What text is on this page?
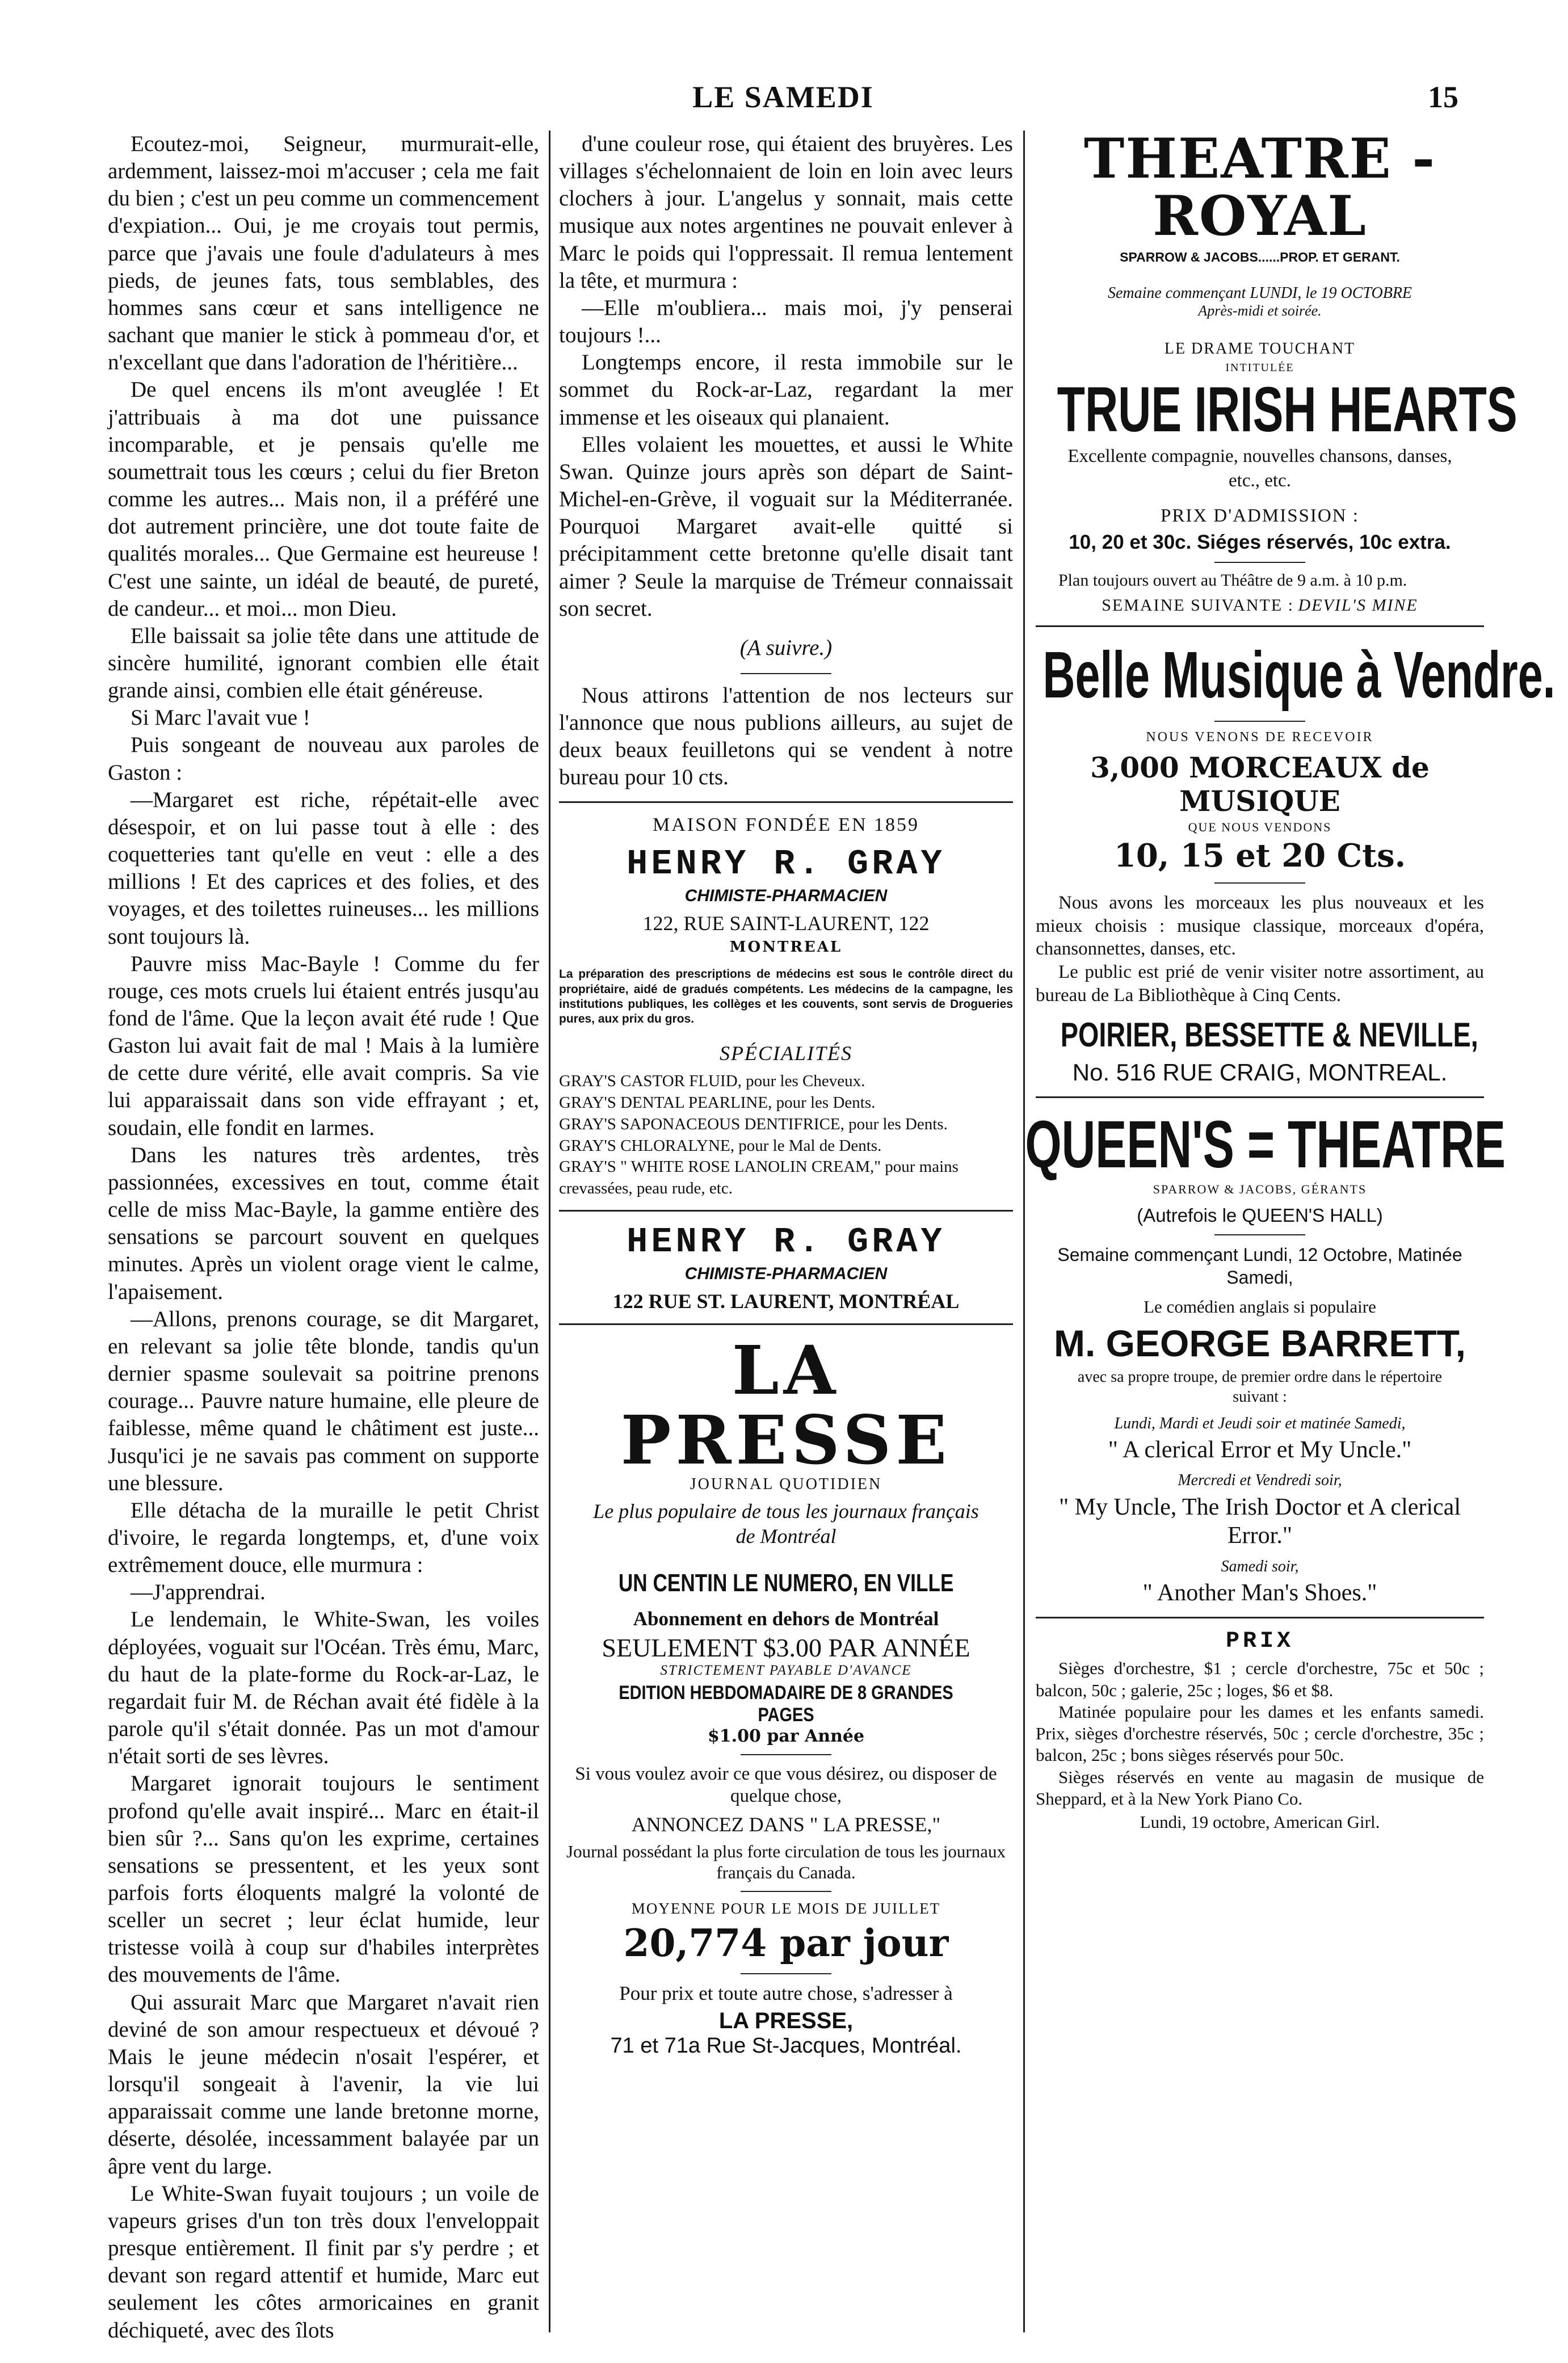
LE SAMEDI	15

Ecoutez-moi, Seigneur, murmurait-elle, ardemment, laissez-moi m'accuser ; cela me fait du bien ; c'est un peu comme un commencement d'expiation... Oui, je me croyais tout permis, parce que j'avais une foule d'adulateurs à mes pieds, de jeunes fats, tous semblables, des hommes sans cœur et sans intelligence ne sachant que manier le stick à pommeau d'or, et n'excellant que dans l'adoration de l'héritière...

De quel encens ils m'ont aveuglée ! Et j'attribuais à ma dot une puissance incomparable, et je pensais qu'elle me soumettrait tous les cœurs ; celui du fier Breton comme les autres... Mais non, il a préféré une dot autrement princière, une dot toute faite de qualités morales... Que Germaine est heureuse ! C'est une sainte, un idéal de beauté, de pureté, de candeur... et moi... mon Dieu.

Elle baissait sa jolie tête dans une attitude de sincère humilité, ignorant combien elle était grande ainsi, combien elle était généreuse.

Si Marc l'avait vue !

Puis songeant de nouveau aux paroles de Gaston :

—Margaret est riche, répétait-elle avec désespoir, et on lui passe tout à elle : des coquetteries tant qu'elle en veut : elle a des millions ! Et des caprices et des folies, et des voyages, et des toilettes ruineuses... les millions sont toujours là.

Pauvre miss Mac-Bayle ! Comme du fer rouge, ces mots cruels lui étaient entrés jusqu'au fond de l'âme. Que la leçon avait été rude ! Que Gaston lui avait fait de mal ! Mais à la lumière de cette dure vérité, elle avait compris. Sa vie lui apparaissait dans son vide effrayant ; et, soudain, elle fondit en larmes.

Dans les natures très ardentes, très passionnées, excessives en tout, comme était celle de miss Mac-Bayle, la gamme entière des sensations se parcourt souvent en quelques minutes. Après un violent orage vient le calme, l'apaisement.

—Allons, prenons courage, se dit Margaret, en relevant sa jolie tête blonde, tandis qu'un dernier spasme soulevait sa poitrine prenons courage... Pauvre nature humaine, elle pleure de faiblesse, même quand le châtiment est juste... Jusqu'ici je ne savais pas comment on supporte une blessure.

Elle détacha de la muraille le petit Christ d'ivoire, le regarda longtemps, et, d'une voix extrêmement douce, elle murmura :

—J'apprendrai.

Le lendemain, le White-Swan, les voiles déployées, voguait sur l'Océan. Très ému, Marc, du haut de la plate-forme du Rock-ar-Laz, le regardait fuir M. de Réchan avait été fidèle à la parole qu'il s'était donnée. Pas un mot d'amour n'était sorti de ses lèvres.

Margaret ignorait toujours le sentiment profond qu'elle avait inspiré... Marc en était-il bien sûr ?... Sans qu'on les exprime, certaines sensations se pressentent, et les yeux sont parfois forts éloquents malgré la volonté de sceller un secret ; leur éclat humide, leur tristesse voilà à coup sur d'habiles interprètes des mouvements de l'âme.

Qui assurait Marc que Margaret n'avait rien deviné de son amour respectueux et dévoué ? Mais le jeune médecin n'osait l'espérer, et lorsqu'il songeait à l'avenir, la vie lui apparaissait comme une lande bretonne morne, déserte, désolée, incessamment balayée par un âpre vent du large.

Le White-Swan fuyait toujours ; un voile de vapeurs grises d'un ton très doux l'enveloppait presque entièrement. Il finit par s'y perdre ; et devant son regard attentif et humide, Marc eut seulement les côtes armoricaines en granit déchiqueté, avec des îlots

d'une couleur rose, qui étaient des bruyères. Les villages s'échelonnaient de loin en loin avec leurs clochers à jour. L'angelus y sonnait, mais cette musique aux notes argentines ne pouvait enlever à Marc le poids qui l'oppressait. Il remua lentement la tête, et murmura :

—Elle m'oubliera... mais moi, j'y penserai toujours !...

Longtemps encore, il resta immobile sur le sommet du Rock-ar-Laz, regardant la mer immense et les oiseaux qui planaient.

Elles volaient les mouettes, et aussi le White Swan. Quinze jours après son départ de Saint-Michel-en-Grève, il voguait sur la Méditerranée. Pourquoi Margaret avait-elle quitté si précipitamment cette bretonne qu'elle disait tant aimer ? Seule la marquise de Trémeur connaissait son secret.

(A suivre.)

Nous attirons l'attention de nos lecteurs sur l'annonce que nous publions ailleurs, au sujet de deux beaux feuilletons qui se vendent à notre bureau pour 10 cts.

MAISON FONDÉE EN 1859
HENRY R. GRAY
CHIMISTE-PHARMACIEN
122, RUE SAINT-LAURENT, 122
MONTREAL
La préparation des prescriptions de médecins est sous le contrôle direct du propriétaire, aidé de gradués compétents. Les médecins de la campagne, les institutions publiques, les collèges et les couvents, sont servis de Drogueries pures, aux prix du gros.
SPÉCIALITÉS
GRAY'S CASTOR FLUID, pour les Cheveux.
GRAY'S DENTAL PEARLINE, pour les Dents.
GRAY'S SAPONACEOUS DENTIFRICE, pour les Dents.
GRAY'S CHLORALYNE, pour le Mal de Dents.
GRAY'S " WHITE ROSE LANOLIN CREAM," pour mains crevassées, peau rude, etc.
HENRY R. GRAY
CHIMISTE-PHARMACIEN
122 RUE ST. LAURENT, MONTRÉAL
LA PRESSE
JOURNAL QUOTIDIEN
Le plus populaire de tous les journaux français de Montréal
UN CENTIN LE NUMERO, EN VILLE
Abonnement en dehors de Montréal
SEULEMENT $3.00 PAR ANNÉE
STRICTEMENT PAYABLE D'AVANCE
EDITION HEBDOMADAIRE DE 8 GRANDES PAGES
$1.00 par Année
Si vous voulez avoir ce que vous désirez, ou disposer de quelque chose,
ANNONCEZ DANS " LA PRESSE,"
Journal possédant la plus forte circulation de tous les journaux français du Canada.
MOYENNE POUR LE MOIS DE JUILLET
20,774 par jour
Pour prix et toute autre chose, s'adresser à
LA PRESSE,
71 et 71a Rue St-Jacques, Montréal.
THEATRE - ROYAL
SPARROW & JACOBS......PROP. ET GERANT.
Semaine commençant LUNDI, le 19 OCTOBRE
Après-midi et soirée.
LE DRAME TOUCHANT
INTITULÉE
TRUE IRISH HEARTS
Excellente compagnie, nouvelles chansons, danses, etc., etc.
PRIX D'ADMISSION :
10, 20 et 30c. Siéges réservés, 10c extra.
Plan toujours ouvert au Théâtre de 9 a.m. à 10 p.m.
SEMAINE SUIVANTE : DEVIL'S MINE
Belle Musique à Vendre.
NOUS VENONS DE RECEVOIR
3,000 MORCEAUX de MUSIQUE
QUE NOUS VENDONS
10, 15 et 20 Cts.

Nous avons les morceaux les plus nouveaux et les mieux choisis : musique classique, morceaux d'opéra, chansonnettes, danses, etc.

Le public est prié de venir visiter notre assortiment, au bureau de La Bibliothèque à Cinq Cents.

POIRIER, BESSETTE & NEVILLE,
No. 516 RUE CRAIG, MONTREAL.
QUEEN'S = THEATRE
SPARROW & JACOBS, GÉRANTS
(Autrefois le QUEEN'S HALL)
Semaine commençant Lundi, 12 Octobre, Matinée Samedi,
Le comédien anglais si populaire
M. GEORGE BARRETT,
avec sa propre troupe, de premier ordre dans le répertoire suivant :
Lundi, Mardi et Jeudi soir et matinée Samedi,
" A clerical Error et My Uncle."
Mercredi et Vendredi soir,
" My Uncle, The Irish Doctor et A clerical Error."
Samedi soir,
" Another Man's Shoes."
PRIX

Sièges d'orchestre, $1 ; cercle d'orchestre, 75c et 50c ; balcon, 50c ; galerie, 25c ; loges, $6 et $8.

Matinée populaire pour les dames et les enfants samedi. Prix, sièges d'orchestre réservés, 50c ; cercle d'orchestre, 35c ; balcon, 25c ; bons sièges réservés pour 50c.

Sièges réservés en vente au magasin de musique de Sheppard, et à la New York Piano Co.

Lundi, 19 octobre, American Girl.
